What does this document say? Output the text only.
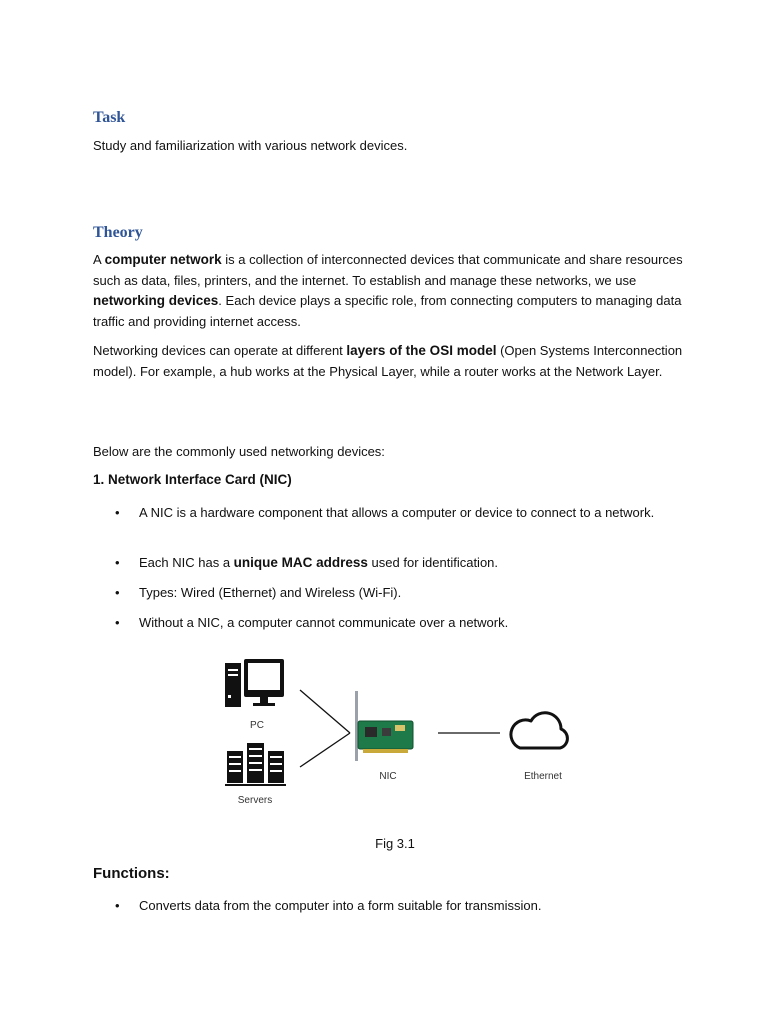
Task

Study and familiarization with various network devices.

Theory

A computer network is a collection of interconnected devices that communicate and share resources such as data, files, printers, and the internet. To establish and manage these networks, we use networking devices. Each device plays a specific role, from connecting computers to managing data traffic and providing internet access.

Networking devices can operate at different layers of the OSI model (Open Systems Interconnection model). For example, a hub works at the Physical Layer, while a router works at the Network Layer.

Below are the commonly used networking devices:

1. Network Interface Card (NIC)

• A NIC is a hardware component that allows a computer or device to connect to a network.
• Each NIC has a unique MAC address used for identification.
• Types: Wired (Ethernet) and Wireless (Wi-Fi).
• Without a NIC, a computer cannot communicate over a network.
PC
Servers
NIC	Ethernet
Fig 3.1

Functions:

• Converts data from the computer into a form suitable for transmission.
